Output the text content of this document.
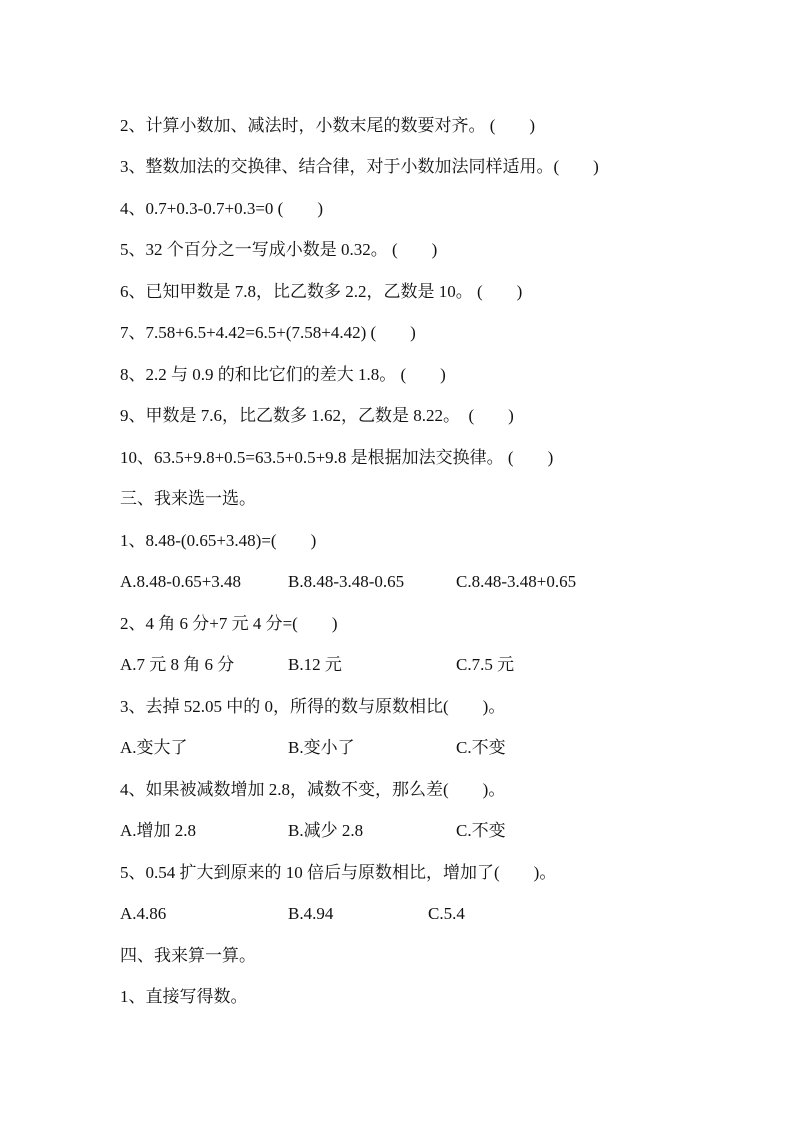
2、计算小数加、减法时，小数末尾的数要对齐。 (　　)
3、整数加法的交换律、结合律，对于小数加法同样适用。(　　)
4、0.7+0.3-0.7+0.3=0 (　　)
5、32 个百分之一写成小数是 0.32。 (　　)
6、已知甲数是 7.8，比乙数多 2.2，乙数是 10。 (　　)
7、7.58+6.5+4.42=6.5+(7.58+4.42) (　　)
8、2.2 与 0.9 的和比它们的差大 1.8。 (　　)
9、甲数是 7.6，比乙数多 1.62，乙数是 8.22。　(　　)
10、63.5+9.8+0.5=63.5+0.5+9.8 是根据加法交换律。 (　　)
三、我来选一选。
1、8.48-(0.65+3.48)=(　　)
A.8.48-0.65+3.48	B.8.48-3.48-0.65	C.8.48-3.48+0.65
2、4 角 6 分+7 元 4 分=(　　)
A.7 元 8 角 6 分	B.12 元	C.7.5 元
3、去掉 52.05 中的 0，所得的数与原数相比(　　)。
A.变大了	B.变小了	C.不变
4、如果被减数增加 2.8，减数不变，那么差(　　)。
A.增加 2.8	B.减少 2.8	C.不变
5、0.54 扩大到原来的 10 倍后与原数相比，增加了(　　)。
A.4.86	B.4.94	C.5.4
四、我来算一算。
1、直接写得数。
